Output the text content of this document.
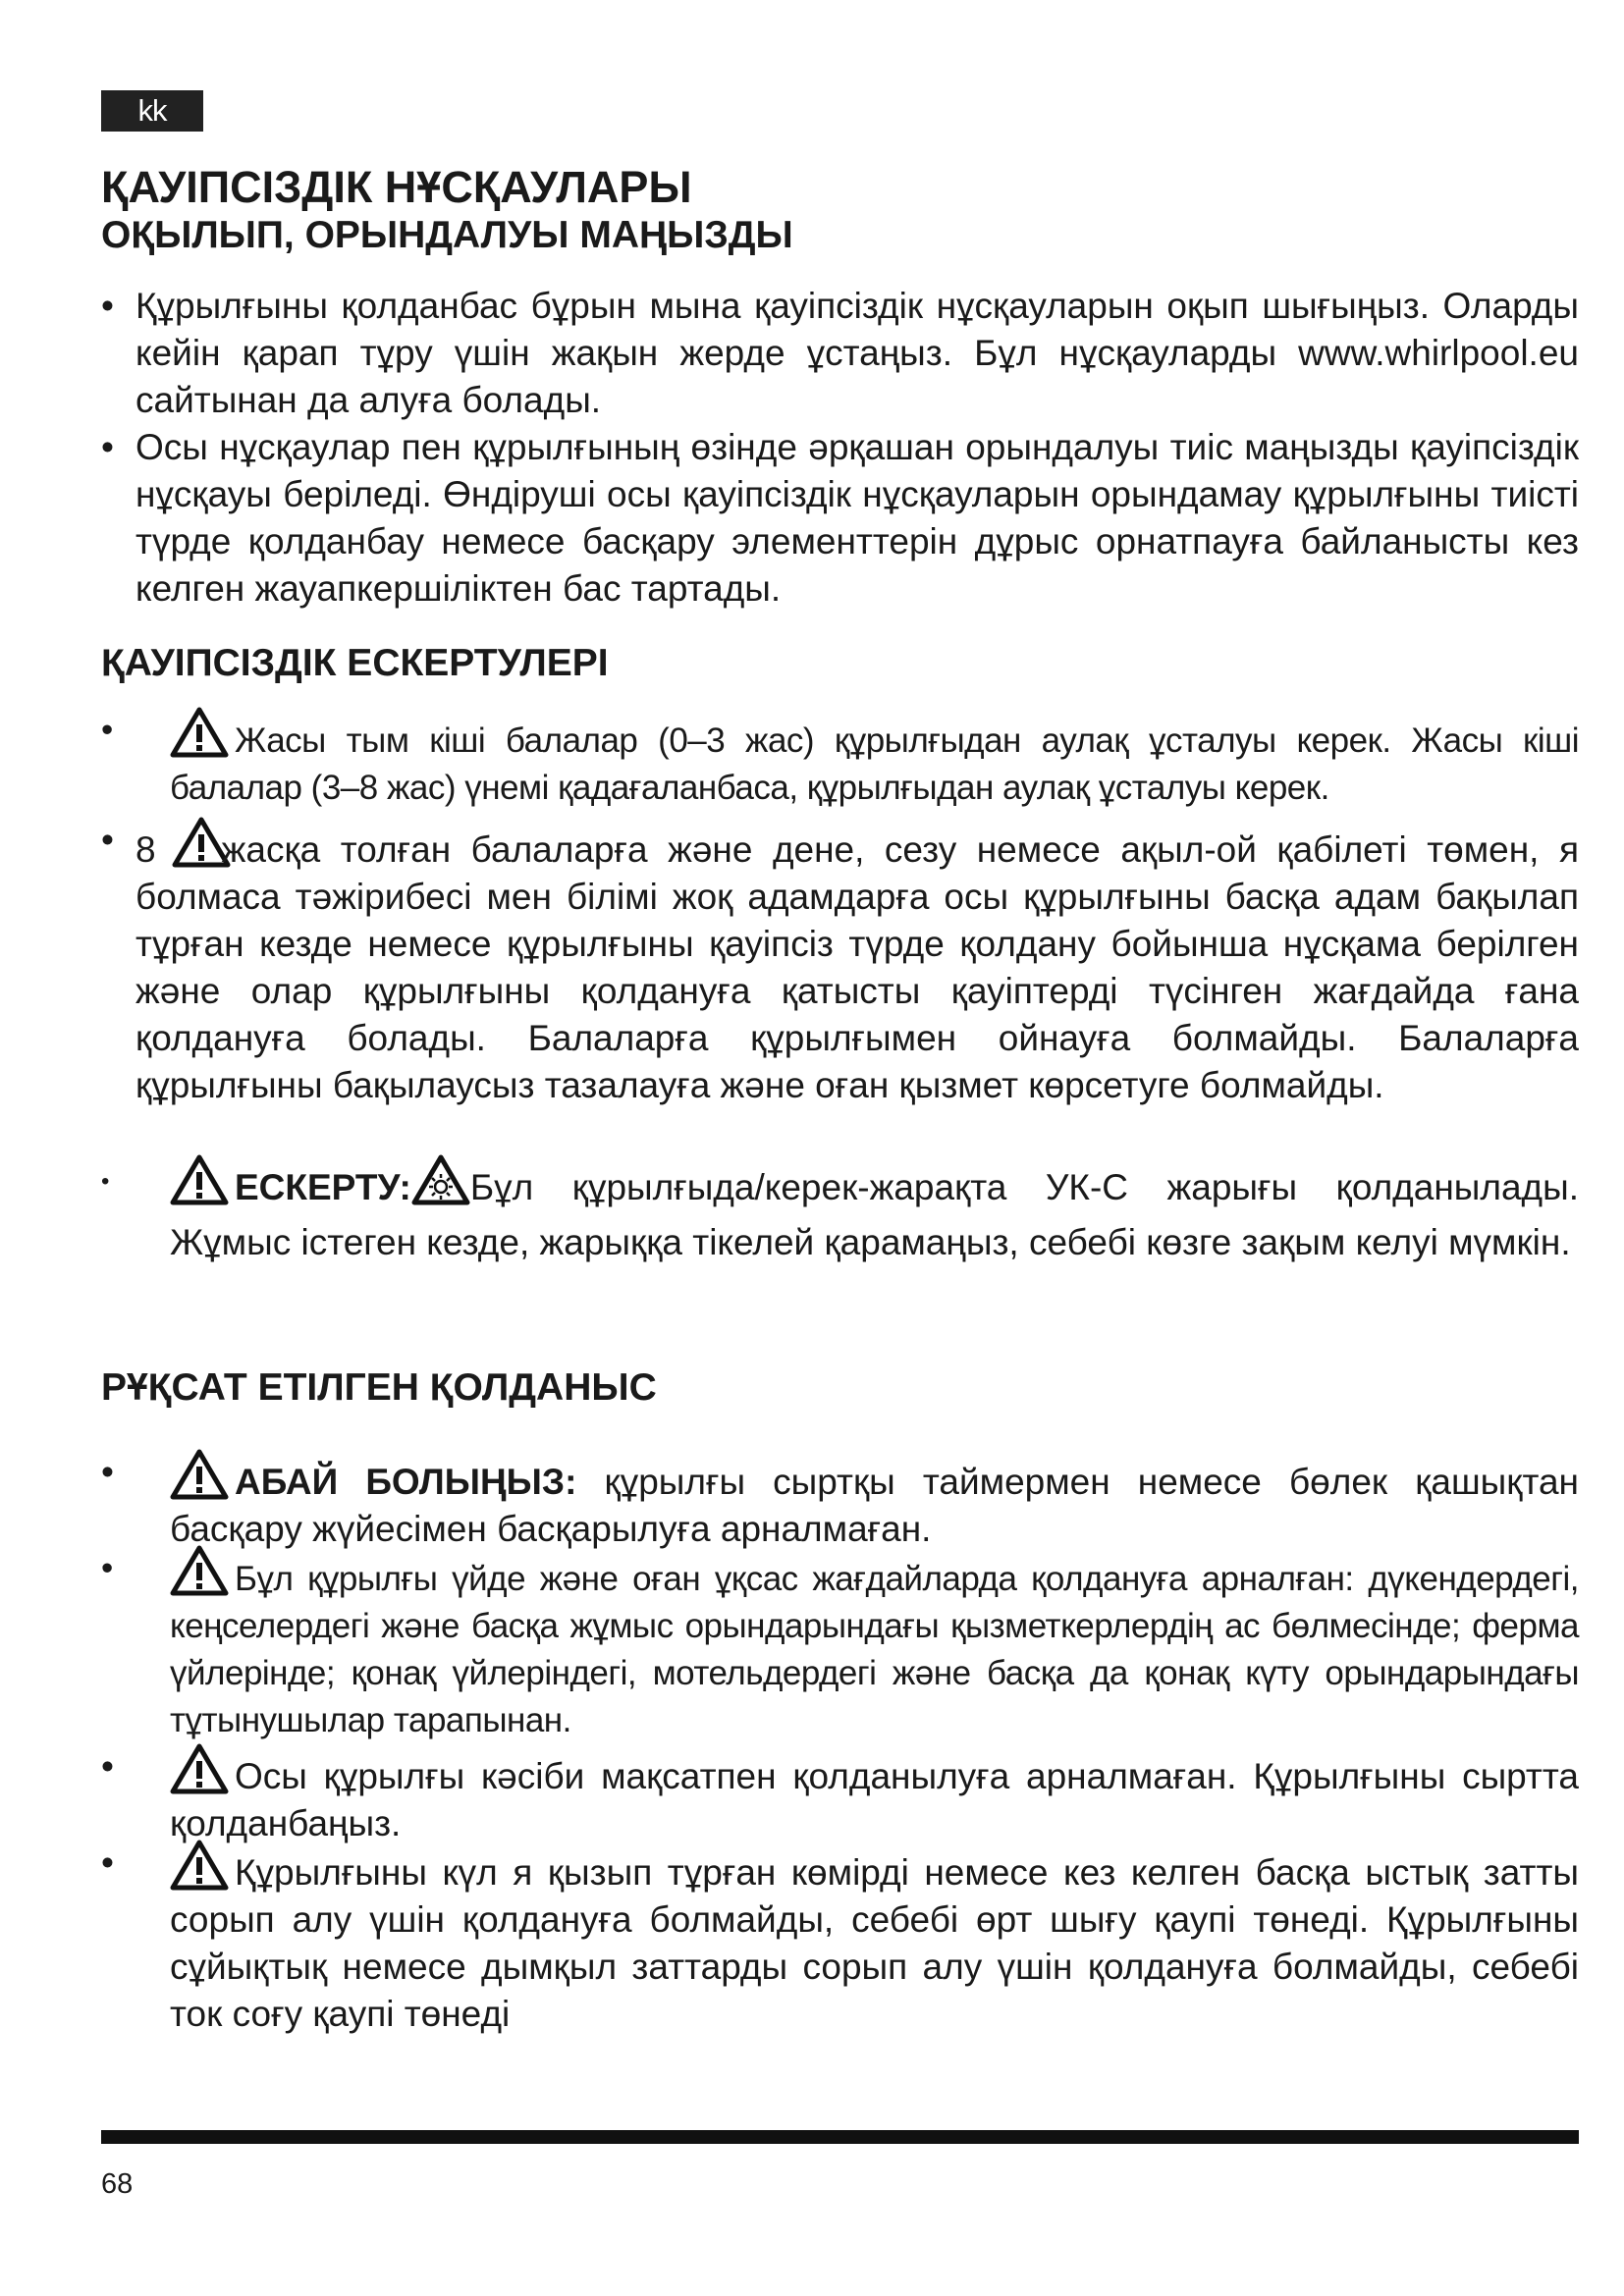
kk
ҚАУІПСІЗДІК НҰСҚАУЛАРЫ
ОҚЫЛЫП, ОРЫНДАЛУЫ МАҢЫЗДЫ
• Құрылғыны қолданбас бұрын мына қауіпсіздік нұсқауларын оқып шығыңыз. Оларды кейін қарап тұру үшін жақын жерде ұстаңыз. Бұл нұсқауларды www.whirlpool.eu сайтынан да алуға болады.
• Осы нұсқаулар пен құрылғының өзінде әрқашан орындалуы тиіс маңызды қауіпсіздік нұсқауы беріледі. Өндіруші осы қауіпсіздік нұсқауларын орындамау құрылғыны тиісті түрде қолданбау немесе басқару элементтерін дұрыс орнатпауға байланысты кез келген жауапкершіліктен бас тартады.
ҚАУІПСІЗДІК ЕСКЕРТУЛЕРІ
•	Жасы тым кіші балалар (0–3 жас) құрылғыдан аулақ ұсталуы керек. Жасы кіші балалар (3–8 жас) үнемі қадағаланбаса, құрылғыдан аулақ ұсталуы керек.
• 8 жасқа толған балаларға және дене, сезу немесе ақыл-ой қабілеті төмен, я болмаса тәжірибесі мен білімі жоқ адамдарға осы құрылғыны басқа адам бақылап тұрған кезде немесе құрылғыны қауіпсіз түрде қолдану бойынша нұсқама берілген және олар құрылғыны қолдануға қатысты қауіптерді түсінген жағдайда ғана қолдануға болады. Балаларға құрылғымен ойнауға болмайды. Балаларға құрылғыны бақылаусыз тазалауға және оған қызмет көрсетуге болмайды.
•	ЕСКЕРТУ: Бұл құрылғыда/керек-жарақта УК-С жарығы қолданылады. Жұмыс істеген кезде, жарыққа тікелей қарамаңыз, себебі көзге зақым келуі мүмкін.
РҰҚСАТ ЕТІЛГЕН ҚОЛДАНЫС
•	АБАЙ БОЛЫҢЫЗ: құрылғы сыртқы таймермен немесе бөлек қашықтан басқару жүйесімен басқарылуға арналмаған.
•	Бұл құрылғы үйде және оған ұқсас жағдайларда қолдануға арналған: дүкендердегі, кеңселердегі және басқа жұмыс орындарындағы қызметкерлердің ас бөлмесінде; ферма үйлерінде; қонақ үйлеріндегі, мотельдердегі және басқа да қонақ күту орындарындағы тұтынушылар тарапынан.
•	Осы құрылғы кәсіби мақсатпен қолданылуға арналмаған. Құрылғыны сыртта қолданбаңыз.
•	Құрылғыны күл я қызып тұрған көмірді немесе кез келген басқа ыстық затты сорып алу үшін қолдануға болмайды, себебі өрт шығу қаупі төнеді. Құрылғыны сұйықтық немесе дымқыл заттарды сорып алу үшін қолдануға болмайды, себебі ток соғу қаупі төнеді
68
